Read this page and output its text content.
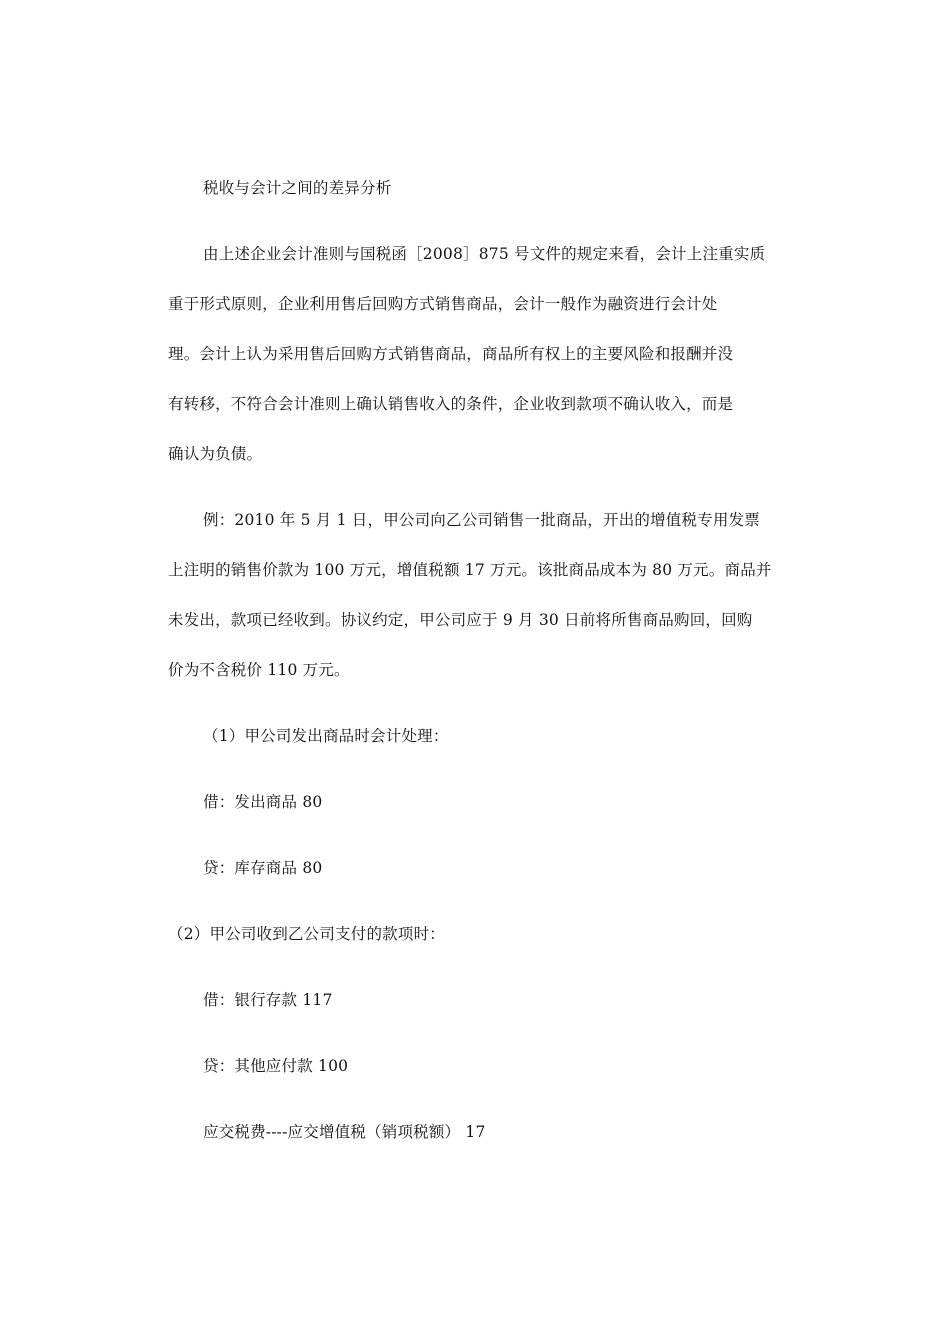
税收与会计之间的差异分析
由上述企业会计准则与国税函［2008］875 号文件的规定来看，会计上注重实质
重于形式原则，企业利用售后回购方式销售商品，会计一般作为融资进行会计处
理。会计上认为采用售后回购方式销售商品，商品所有权上的主要风险和报酬并没
有转移，不符合会计准则上确认销售收入的条件，企业收到款项不确认收入，而是
确认为负债。
例：2010 年 5 月 1 日，甲公司向乙公司销售一批商品，开出的增值税专用发票
上注明的销售价款为 100 万元，增值税额 17 万元。该批商品成本为 80 万元。商品并
未发出，款项已经收到。协议约定，甲公司应于 9 月 30 日前将所售商品购回，回购
价为不含税价 110 万元。
（1）甲公司发出商品时会计处理：
借：发出商品 80
贷：库存商品 80
（2）甲公司收到乙公司支付的款项时：
借：银行存款 117
贷：其他应付款 100
应交税费----应交增值税（销项税额） 17
